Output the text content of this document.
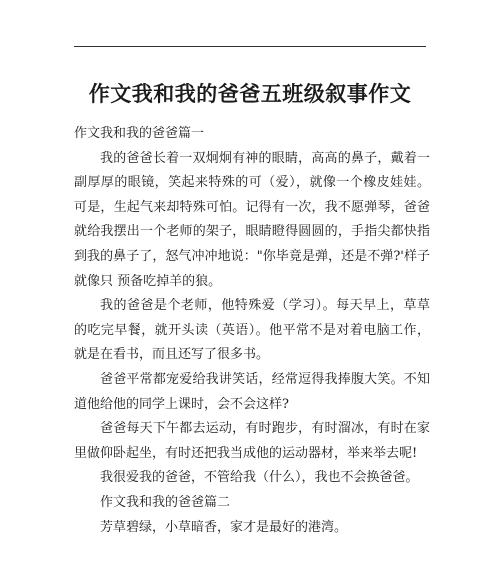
作文我和我的爸爸五班级叙事作文

作文我和我的爸爸篇一

我的爸爸长着一双炯炯有神的眼睛，高高的鼻子，戴着一副厚厚的眼镜，笑起来特殊的可（爱），就像一个橡皮娃娃。可是，生起气来却特殊可怕。记得有一次，我不愿弹琴，爸爸就给我摆出一个老师的架子，眼睛瞪得圆圆的，手指尖都快指到我的鼻子了，怒气冲冲地说："你毕竟是弹，还是不弹?'样子就像只 预备吃掉羊的狼。

我的爸爸是个老师，他特殊爱（学习）。每天早上，草草的吃完早餐，就开头读（英语）。他平常不是对着电脑工作，就是在看书，而且还写了很多书。

爸爸平常都宠爱给我讲笑话，经常逗得我捧腹大笑。不知道他给他的同学上课时，会不会这样?

爸爸每天下午都去运动，有时跑步，有时溜冰，有时在家里做仰卧起坐，有时还把我当成他的运动器材，举来举去呢!

我很爱我的爸爸，不管给我（什么），我也不会换爸爸。

作文我和我的爸爸篇二

芳草碧绿，小草暗香，家才是最好的港湾。
